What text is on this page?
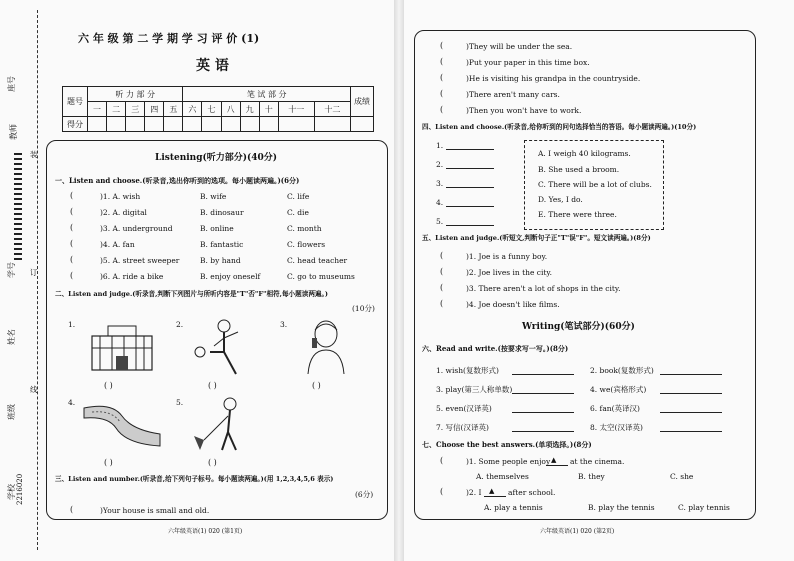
座号
姓名
学号
班级
学校 2216020
教师
装
订
线
六 年 级 第 二 学 期 学 习 评 价 (1)
英 语
题号	听 力 部 分					笔 试 部 分							成绩
	一	二	三	四	五	六	七	八	九	十	十一	十二	
得分													
Listening(听力部分)(40分)
一、Listen and choose.(听录音,选出你听到的选项。每小题读两遍。)(6分)
( )1. A. wish	B. wife	C. life
( )2. A. digital	B. dinosaur	C. die
( )3. A. underground	B. online	C. month
( )4. A. fan	B. fantastic	C. flowers
( )5. A. street sweeper	B. by hand	C. head teacher
( )6. A. ride a bike	B. enjoy oneself	C. go to museums
二、Listen and judge.(听录音,判断下列图片与所听内容是"T"否"F"相符,每小题读两遍。)
(10分)
1.
( )
2.
( )
3.
( )
4.
( )
5.
( )
三、Listen and number.(听录音,给下列句子标号。每小题读两遍。)(用 1,2,3,4,5,6 表示)
(6分)
( )Your house is small and old.
六年级英语(1) 020 (第1页)
( )They will be under the sea.
( )Put your paper in this time box.
( )He is visiting his grandpa in the countryside.
( )There aren't many cars.
( )Then you won't have to work.
四、Listen and choose.(听录音,给你听到的问句选择恰当的答语。每小题读两遍。)(10分)
1.
2.
3.
4.
5.
A. I weigh 40 kilograms.
B. She used a broom.
C. There will be a lot of clubs.
D. Yes, I do.
E. There were three.
五、Listen and judge.(听短文,判断句子正"T"误"F"。短文读两遍。)(8分)
( )1. Joe is a funny boy.
( )2. Joe lives in the city.
( )3. There aren't a lot of shops in the city.
( )4. Joe doesn't like films.
Writing(笔试部分)(60分)
六、Read and write.(按要求写一写。)(8分)
1. wish(复数形式)	2. book(复数形式)
3. play(第三人称单数)	4. we(宾格形式)
5. even(汉译英)	6. fan(英译汉)
7. 写信(汉译英)	8. 太空(汉译英)
七、Choose the best answers.(单项选择。)(8分)
( )1. Some people enjoy ▲ at the cinema.
A. themselves	B. they	C. she
( )2. I ▲ after school.
A. play a tennis	B. play the tennis	C. play tennis
六年级英语(1) 020 (第2页)
